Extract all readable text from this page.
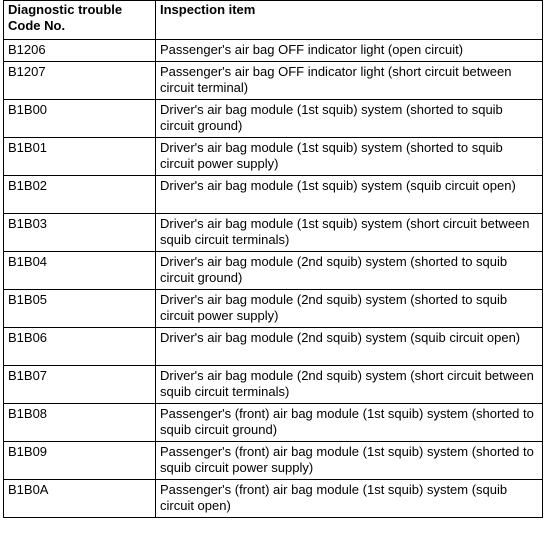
Diagnostic trouble Code No.	Inspection item
B1206	Passenger's air bag OFF indicator light (open circuit)
B1207	Passenger's air bag OFF indicator light (short circuit between circuit terminal)
B1B00	Driver's air bag module (1st squib) system (shorted to squib circuit ground)
B1B01	Driver's air bag module (1st squib) system (shorted to squib circuit power supply)
B1B02	Driver's air bag module (1st squib) system (squib circuit open)
B1B03	Driver's air bag module (1st squib) system (short circuit between squib circuit terminals)
B1B04	Driver's air bag module (2nd squib) system (shorted to squib circuit ground)
B1B05	Driver's air bag module (2nd squib) system (shorted to squib circuit power supply)
B1B06	Driver's air bag module (2nd squib) system (squib circuit open)
B1B07	Driver's air bag module (2nd squib) system (short circuit between squib circuit terminals)
B1B08	Passenger's (front) air bag module (1st squib) system (shorted to squib circuit ground)
B1B09	Passenger's (front) air bag module (1st squib) system (shorted to squib circuit power supply)
B1B0A	Passenger's (front) air bag module (1st squib) system (squib circuit open)
